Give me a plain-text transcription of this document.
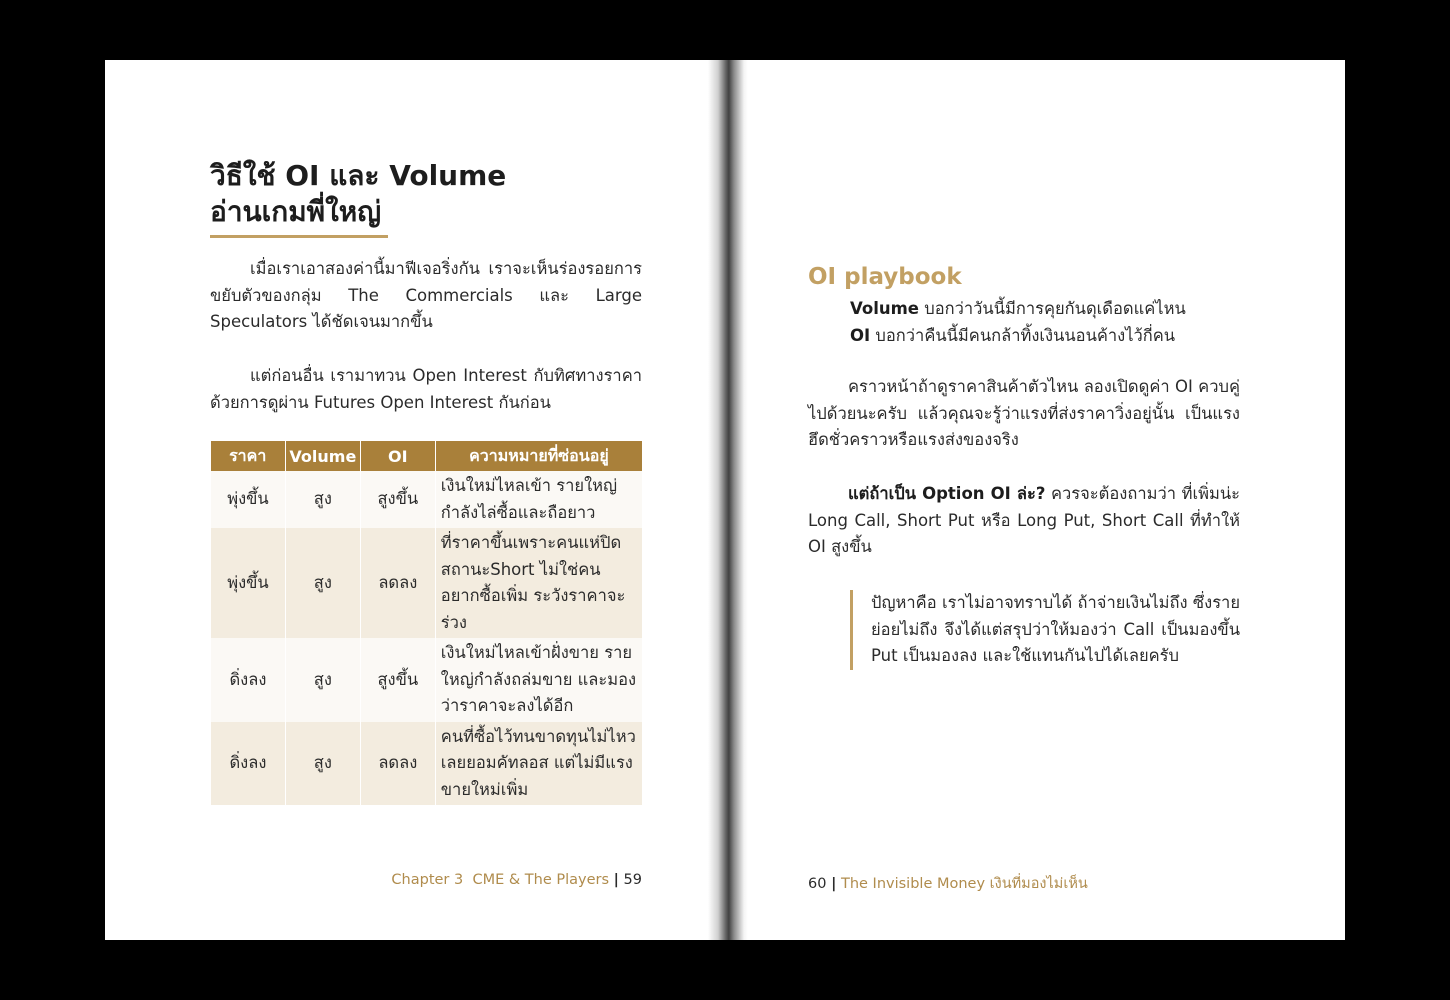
วิธีใช้ OI และ Volume
อ่านเกมพี่ใหญ่

เมื่อเราเอาสองค่านี้มาฟีเจอริ่งกัน เราจะเห็นร่องรอยการขยับตัวของกลุ่ม The Commercials และ Large Speculators ได้ชัดเจนมากขึ้น

แต่ก่อนอื่น เรามาทวน Open Interest กับทิศทางราคาด้วยการดูผ่าน Futures Open Interest กันก่อน

ราคา	Volume	OI	ความหมายที่ซ่อนอยู่
พุ่งขึ้น	สูง	สูงขึ้น	เงินใหม่ไหลเข้า รายใหญ่กำลังไล่ซื้อและถือยาว
พุ่งขึ้น	สูง	ลดลง	ที่ราคาขึ้นเพราะคนแห่ปิดสถานะShort ไม่ใช่คนอยากซื้อเพิ่ม ระวังราคาจะร่วง
ดิ่งลง	สูง	สูงขึ้น	เงินใหม่ไหลเข้าฝั่งขาย รายใหญ่กำลังถล่มขาย และมองว่าราคาจะลงได้อีก
ดิ่งลง	สูง	ลดลง	คนที่ซื้อไว้ทนขาดทุนไม่ไหว เลยยอมคัทลอส แต่ไม่มีแรงขายใหม่เพิ่ม
Chapter 3 CME & The Players | 59
OI playbook
Volume บอกว่าวันนี้มีการคุยกันดุเดือดแค่ไหน
OI บอกว่าคืนนี้มีคนกล้าทิ้งเงินนอนค้างไว้กี่คน

คราวหน้าถ้าดูราคาสินค้าตัวไหน ลองเปิดดูค่า OI ควบคู่ไปด้วยนะครับ แล้วคุณจะรู้ว่าแรงที่ส่งราคาวิ่งอยู่นั้น เป็นแรงฮึดชั่วคราวหรือแรงส่งของจริง

แต่ถ้าเป็น Option OI ล่ะ? ควรจะต้องถามว่า ที่เพิ่มน่ะ Long Call, Short Put หรือ Long Put, Short Call ที่ทำให้ OI สูงขึ้น

ปัญหาคือ เราไม่อาจทราบได้ ถ้าจ่ายเงินไม่ถึง ซึ่งรายย่อยไม่ถึง จึงได้แต่สรุปว่าให้มองว่า Call เป็นมองขึ้น Put เป็นมองลง และใช้แทนกันไปได้เลยครับ
60 | The Invisible Money เงินที่มองไม่เห็น
